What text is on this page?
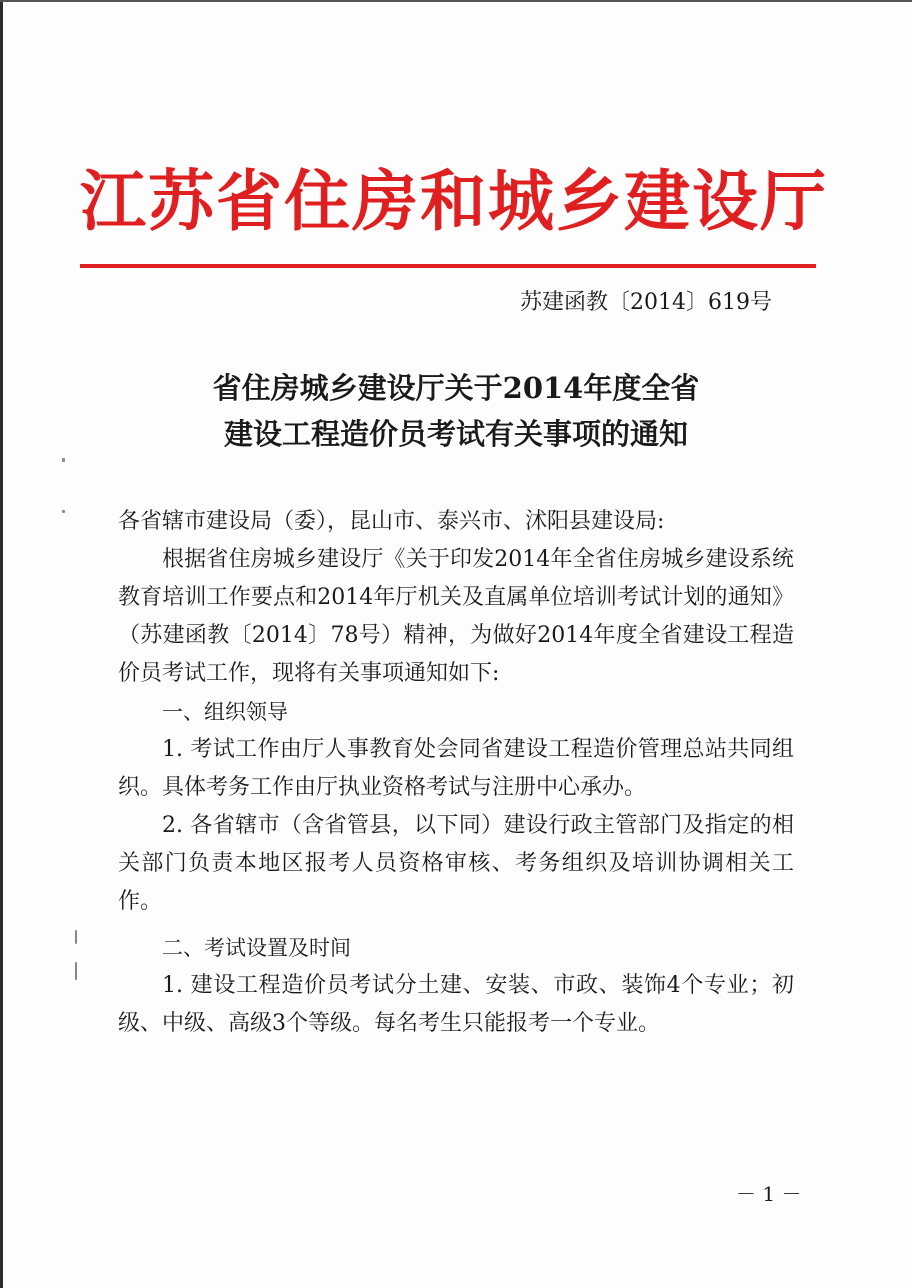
江苏省住房和城乡建设厅
苏建函教〔2014〕619号
省住房城乡建设厅关于2014年度全省
建设工程造价员考试有关事项的通知

各省辖市建设局（委），昆山市、泰兴市、沭阳县建设局:

根据省住房城乡建设厅《关于印发2014年全省住房城乡建设系统教育培训工作要点和2014年厅机关及直属单位培训考试计划的通知》（苏建函教〔2014〕78号）精神，为做好2014年度全省建设工程造价员考试工作，现将有关事项通知如下:

一、组织领导

1. 考试工作由厅人事教育处会同省建设工程造价管理总站共同组织。具体考务工作由厅执业资格考试与注册中心承办。

2. 各省辖市（含省管县，以下同）建设行政主管部门及指定的相关部门负责本地区报考人员资格审核、考务组织及培训协调相关工作。

二、考试设置及时间

1. 建设工程造价员考试分土建、安装、市政、装饰4个专业；初级、中级、高级3个等级。每名考生只能报考一个专业。

－ 1 －
